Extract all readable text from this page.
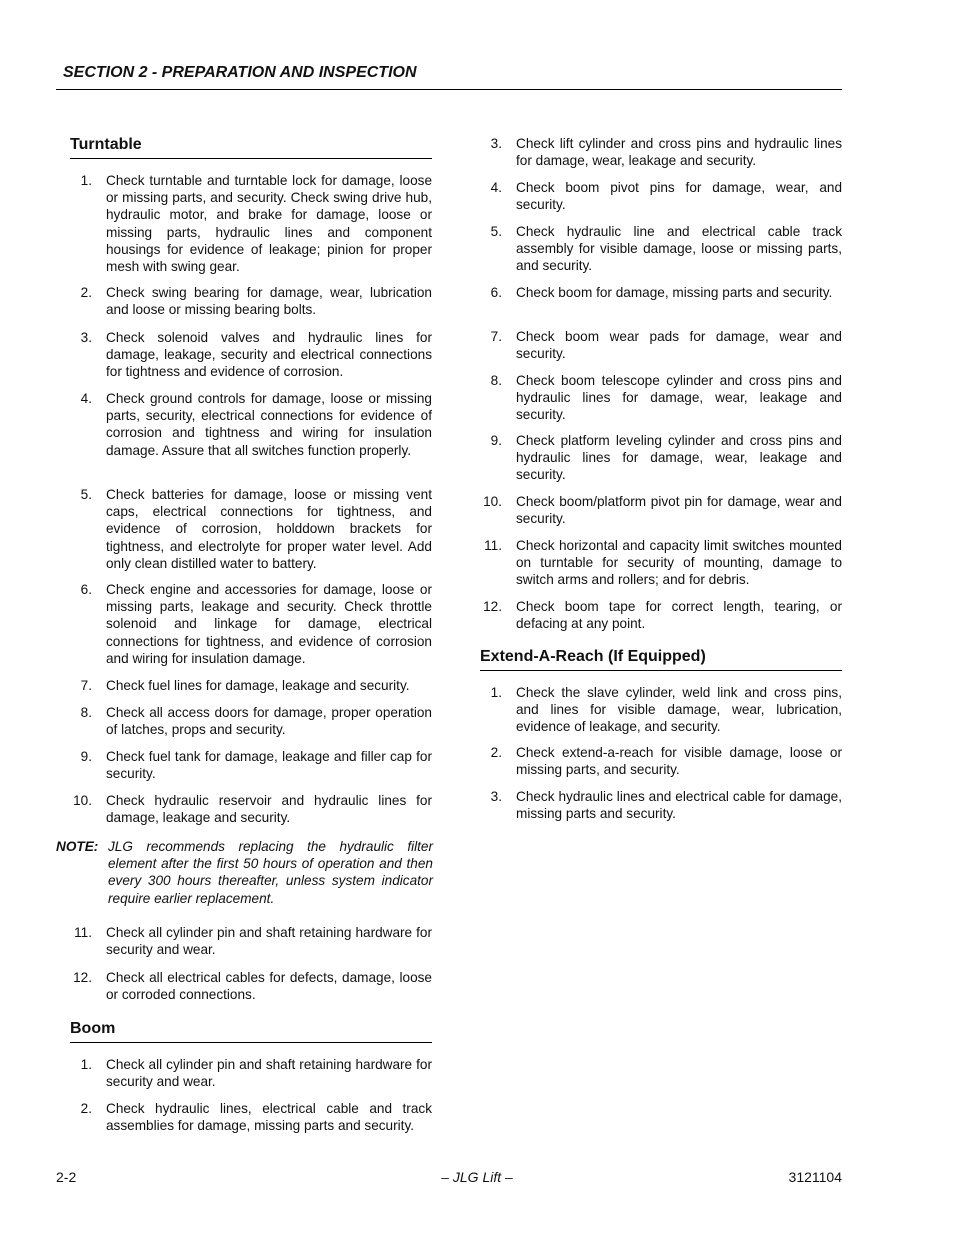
SECTION 2 - PREPARATION AND INSPECTION
Turntable
1. Check turntable and turntable lock for damage, loose or missing parts, and security. Check swing drive hub, hydraulic motor, and brake for damage, loose or missing parts, hydraulic lines and component housings for evidence of leakage; pinion for proper mesh with swing gear.
2. Check swing bearing for damage, wear, lubrication and loose or missing bearing bolts.
3. Check solenoid valves and hydraulic lines for damage, leakage, security and electrical connections for tightness and evidence of corrosion.
4. Check ground controls for damage, loose or missing parts, security, electrical connections for evidence of corrosion and tightness and wiring for insulation damage. Assure that all switches function properly.
5. Check batteries for damage, loose or missing vent caps, electrical connections for tightness, and evidence of corrosion, holddown brackets for tightness, and electrolyte for proper water level. Add only clean distilled water to battery.
6. Check engine and accessories for damage, loose or missing parts, leakage and security. Check throttle solenoid and linkage for damage, electrical connections for tightness, and evidence of corrosion and wiring for insulation damage.
7. Check fuel lines for damage, leakage and security.
8. Check all access doors for damage, proper operation of latches, props and security.
9. Check fuel tank for damage, leakage and filler cap for security.
10. Check hydraulic reservoir and hydraulic lines for damage, leakage and security.
NOTE: JLG recommends replacing the hydraulic filter element after the first 50 hours of operation and then every 300 hours thereafter, unless system indicator require earlier replacement.
11. Check all cylinder pin and shaft retaining hardware for security and wear.
12. Check all electrical cables for defects, damage, loose or corroded connections.
Boom
1. Check all cylinder pin and shaft retaining hardware for security and wear.
2. Check hydraulic lines, electrical cable and track assemblies for damage, missing parts and security.
3. Check lift cylinder and cross pins and hydraulic lines for damage, wear, leakage and security.
4. Check boom pivot pins for damage, wear, and security.
5. Check hydraulic line and electrical cable track assembly for visible damage, loose or missing parts, and security.
6. Check boom for damage, missing parts and security.
7. Check boom wear pads for damage, wear and security.
8. Check boom telescope cylinder and cross pins and hydraulic lines for damage, wear, leakage and security.
9. Check platform leveling cylinder and cross pins and hydraulic lines for damage, wear, leakage and security.
10. Check boom/platform pivot pin for damage, wear and security.
11. Check horizontal and capacity limit switches mounted on turntable for security of mounting, damage to switch arms and rollers; and for debris.
12. Check boom tape for correct length, tearing, or defacing at any point.
Extend-A-Reach (If Equipped)
1. Check the slave cylinder, weld link and cross pins, and lines for visible damage, wear, lubrication, evidence of leakage, and security.
2. Check extend-a-reach for visible damage, loose or missing parts, and security.
3. Check hydraulic lines and electrical cable for damage, missing parts and security.
2-2	– JLG Lift –	3121104
